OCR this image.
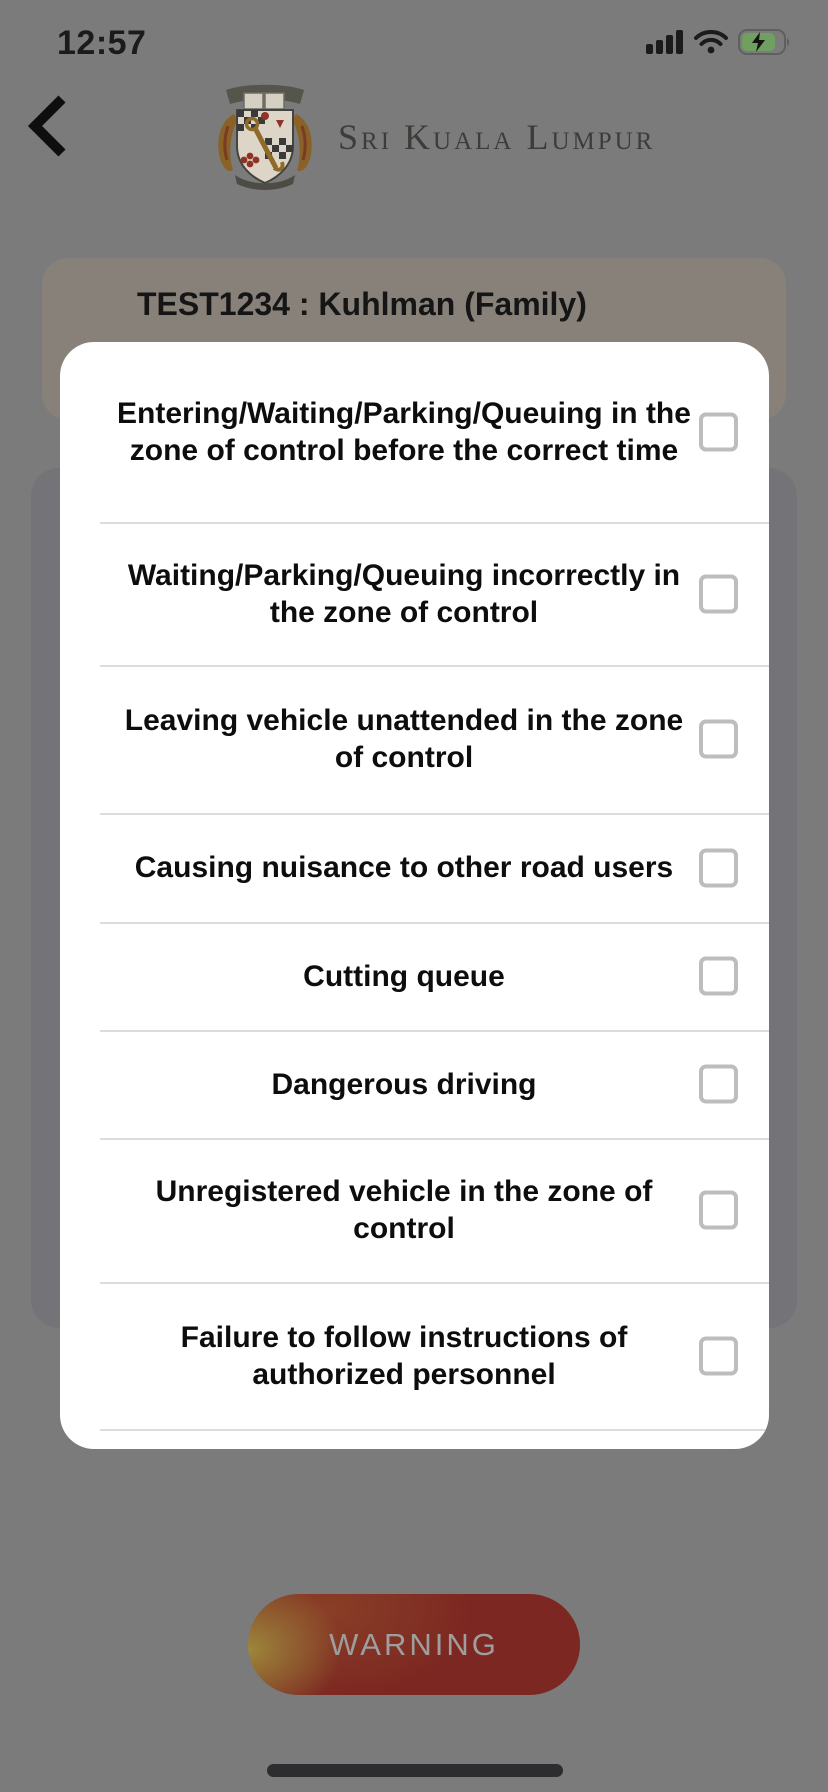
12:57
Sri Kuala Lumpur
TEST1234 : Kuhlman (Family)
Entering/Waiting/Parking/Queuing in the zone of control before the correct time
Waiting/Parking/Queuing incorrectly in the zone of control
Leaving vehicle unattended in the zone of control
Causing nuisance to other road users
Cutting queue
Dangerous driving
Unregistered vehicle in the zone of control
Failure to follow instructions of authorized personnel
WARNING
